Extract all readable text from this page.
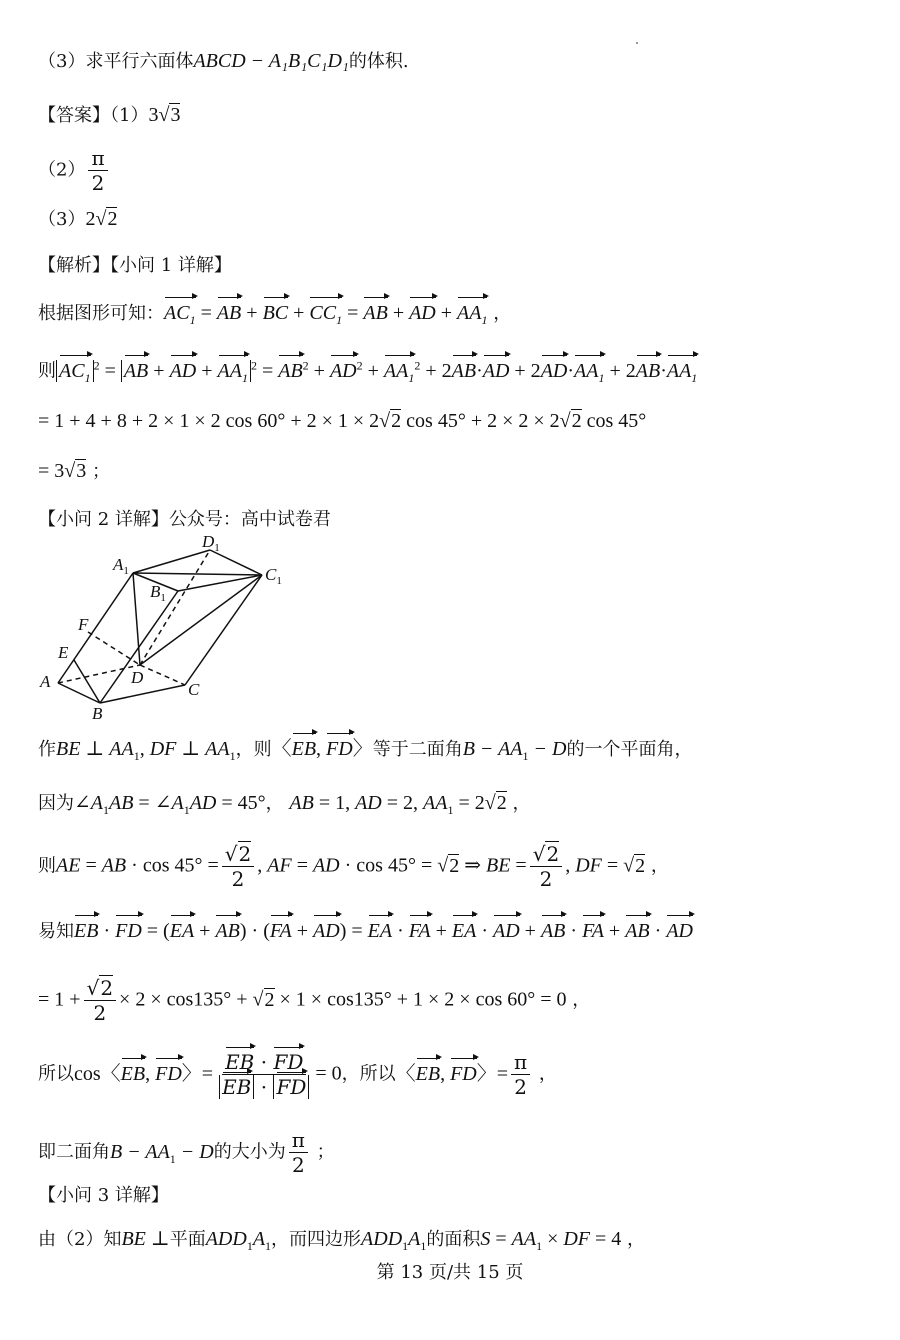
（3）求平行六面体ABCD − A₁B₁C₁D₁的体积.
【答案】（1）3√3
$(2) \frac{\pi}{2}$
（3）2√2
【解析】【小问 1 详解】
根据图形可知：$AC_1$ = AB + BC + $CC_1$ = AB + AD + $AA_1$ ，
则 $AC_1^2$ = AB + AD + $AA_1^2 = AB^2 + AD^2 + AA_1^2 + 2AB\cdot AD + 2AD\cdot AA_1 + 2AB\cdot AA_1$
= 1 + 4 + 8 + 2 × 1 × 2 cos 60° + 2 × 1 × 2√2 cos 45° + 2 × 2 × 2√2 cos 45°
= 3√3 ；
【小问 2 详解】公众号：高中试卷君
$A_1$
$D_1$
$C_1$
$B_1$
F
E
A	D
C
B
作BE ⊥ $AA_1$, DF ⊥ $AA_1$，则〈EB, FD〉等于二面角$B - AA_1 - D$的一个平面角，
因为$\angle A_1AB$ = $\angle A_1AD = 45^\circ$， AB = 1, AD = 2, $AA_1 = 2√2$ ，
则AE = AB · $\cos 45^\circ = \frac{√2}{2}$ , AF = AD · cos 45° = √2 ⇒ BE = $\frac{√2}{2}$ , DF = √2 ，
易知EB · FD = (EA + AB) · (FA + AD) = EA · FA + EA · AD + AB · FA + AB · AD
= $1 + \frac{√2}{2} \times 2 \times \cos 135^\circ + √2 \times 1 \times \cos 135^\circ + 1 \times 2 \times \cos 60^\circ = 0$ ，
所以cos〈EB, FD〉= $\frac{EB \cdot FD}{EB \cdot FD} = 0$，所以〈EB, FD〉= $\frac{\pi}{2}$ ，
即二面角$B - AA_1 - D$的大小为 $\frac{\pi}{2}$ ；
【小问 3 详解】
由（2）知BE ⊥平面$ADD_1A_1$，而四边形$ADD_1A_1$的面积$S = AA_1$ × DF = 4 ，
第 13 页/共 15 页
